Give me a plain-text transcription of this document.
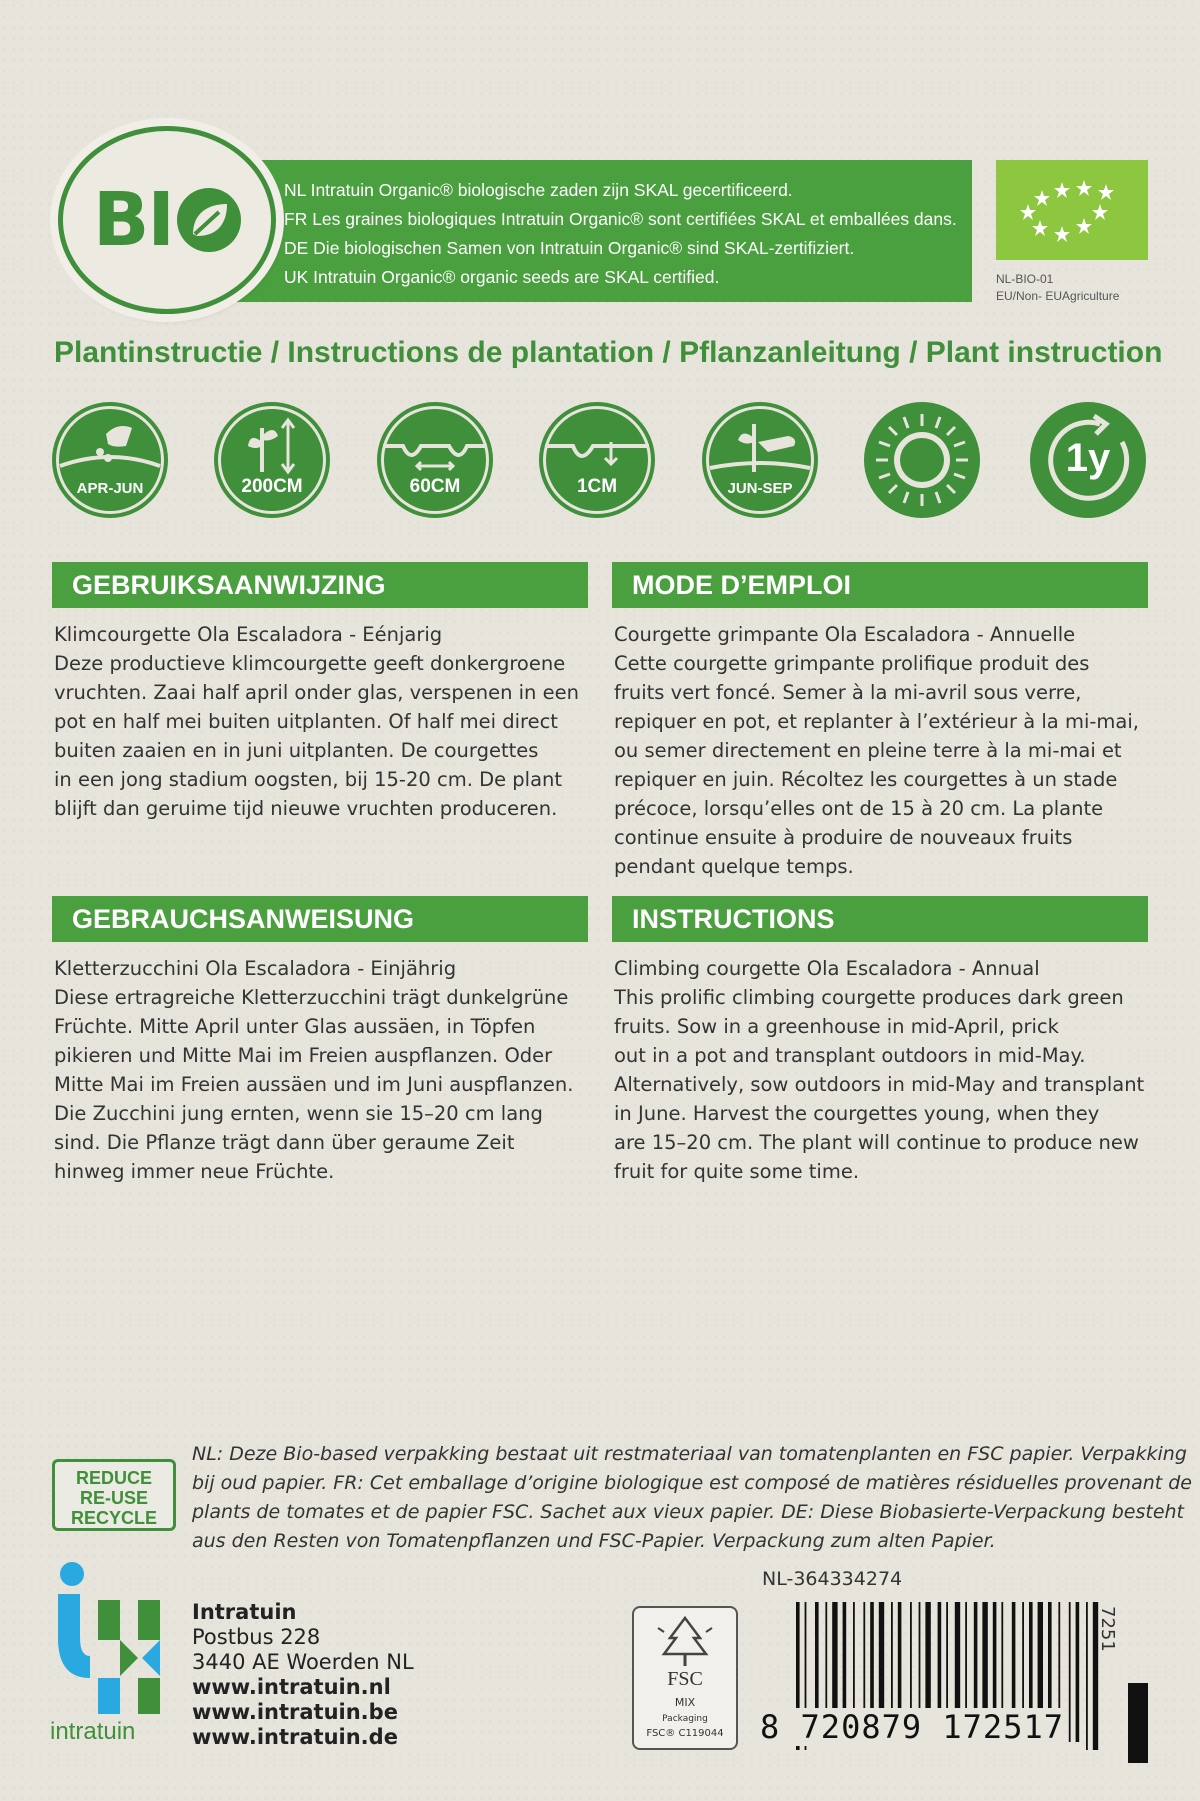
BI	NL Intratuin Organic® biologische zaden zijn SKAL gecertificeerd.
FR Les graines biologiques Intratuin Organic® sont certifiées SKAL et emballées dans.
DE Die biologischen Samen von Intratuin Organic® sind SKAL-zertifiziert.
UK Intratuin Organic® organic seeds are SKAL certified.	NL-BIO-01
EU/Non- EUAgriculture
Plantinstructie / Instructions de plantation / Pflanzanleitung / Plant instruction
APR-JUN	200CM	60CM	1CM	JUN-SEP
1y
GEBRUIKSAANWIJZING
Klimcourgette Ola Escaladora - Eénjarig
Deze productieve klimcourgette geeft donkergroene
vruchten. Zaai half april onder glas, verspenen in een
pot en half mei buiten uitplanten. Of half mei direct
buiten zaaien en in juni uitplanten. De courgettes
in een jong stadium oogsten, bij 15-20 cm. De plant
blijft dan geruime tijd nieuwe vruchten produceren.
MODE D’EMPLOI
Courgette grimpante Ola Escaladora - Annuelle
Cette courgette grimpante prolifique produit des
fruits vert foncé. Semer à la mi-avril sous verre,
repiquer en pot, et replanter à l’extérieur à la mi-mai,
ou semer directement en pleine terre à la mi-mai et
repiquer en juin. Récoltez les courgettes à un stade
précoce, lorsqu’elles ont de 15 à 20 cm. La plante
continue ensuite à produire de nouveaux fruits
pendant quelque temps.
GEBRAUCHSANWEISUNG
Kletterzucchini Ola Escaladora - Einjährig
Diese ertragreiche Kletterzucchini trägt dunkelgrüne
Früchte. Mitte April unter Glas aussäen, in Töpfen
pikieren und Mitte Mai im Freien auspflanzen. Oder
Mitte Mai im Freien aussäen und im Juni auspflanzen.
Die Zucchini jung ernten, wenn sie 15–20 cm lang
sind. Die Pflanze trägt dann über geraume Zeit
hinweg immer neue Früchte.
INSTRUCTIONS
Climbing courgette Ola Escaladora - Annual
This prolific climbing courgette produces dark green
fruits. Sow in a greenhouse in mid-April, prick
out in a pot and transplant outdoors in mid-May.
Alternatively, sow outdoors in mid-May and transplant
in June. Harvest the courgettes young, when they
are 15–20 cm. The plant will continue to produce new
fruit for quite some time.
REDUCE
RE-USE
RECYCLE
NL: Deze Bio-based verpakking bestaat uit restmateriaal van tomatenplanten en FSC papier. Verpakking
bij oud papier. FR: Cet emballage d’origine biologique est composé de matières résiduelles provenant de
plants de tomates et de papier FSC. Sachet aux vieux papier. DE: Diese Biobasierte-Verpackung besteht
aus den Resten von Tomatenpflanzen und FSC-Papier. Verpackung zum alten Papier.
NL-364334274
intratuin
Intratuin
Postbus 228
3440 AE Woerden NL
www.intratuin.nl
www.intratuin.be
www.intratuin.de
FSC
MIX
Packaging
FSC® C119044	8 720879 172517
7251
